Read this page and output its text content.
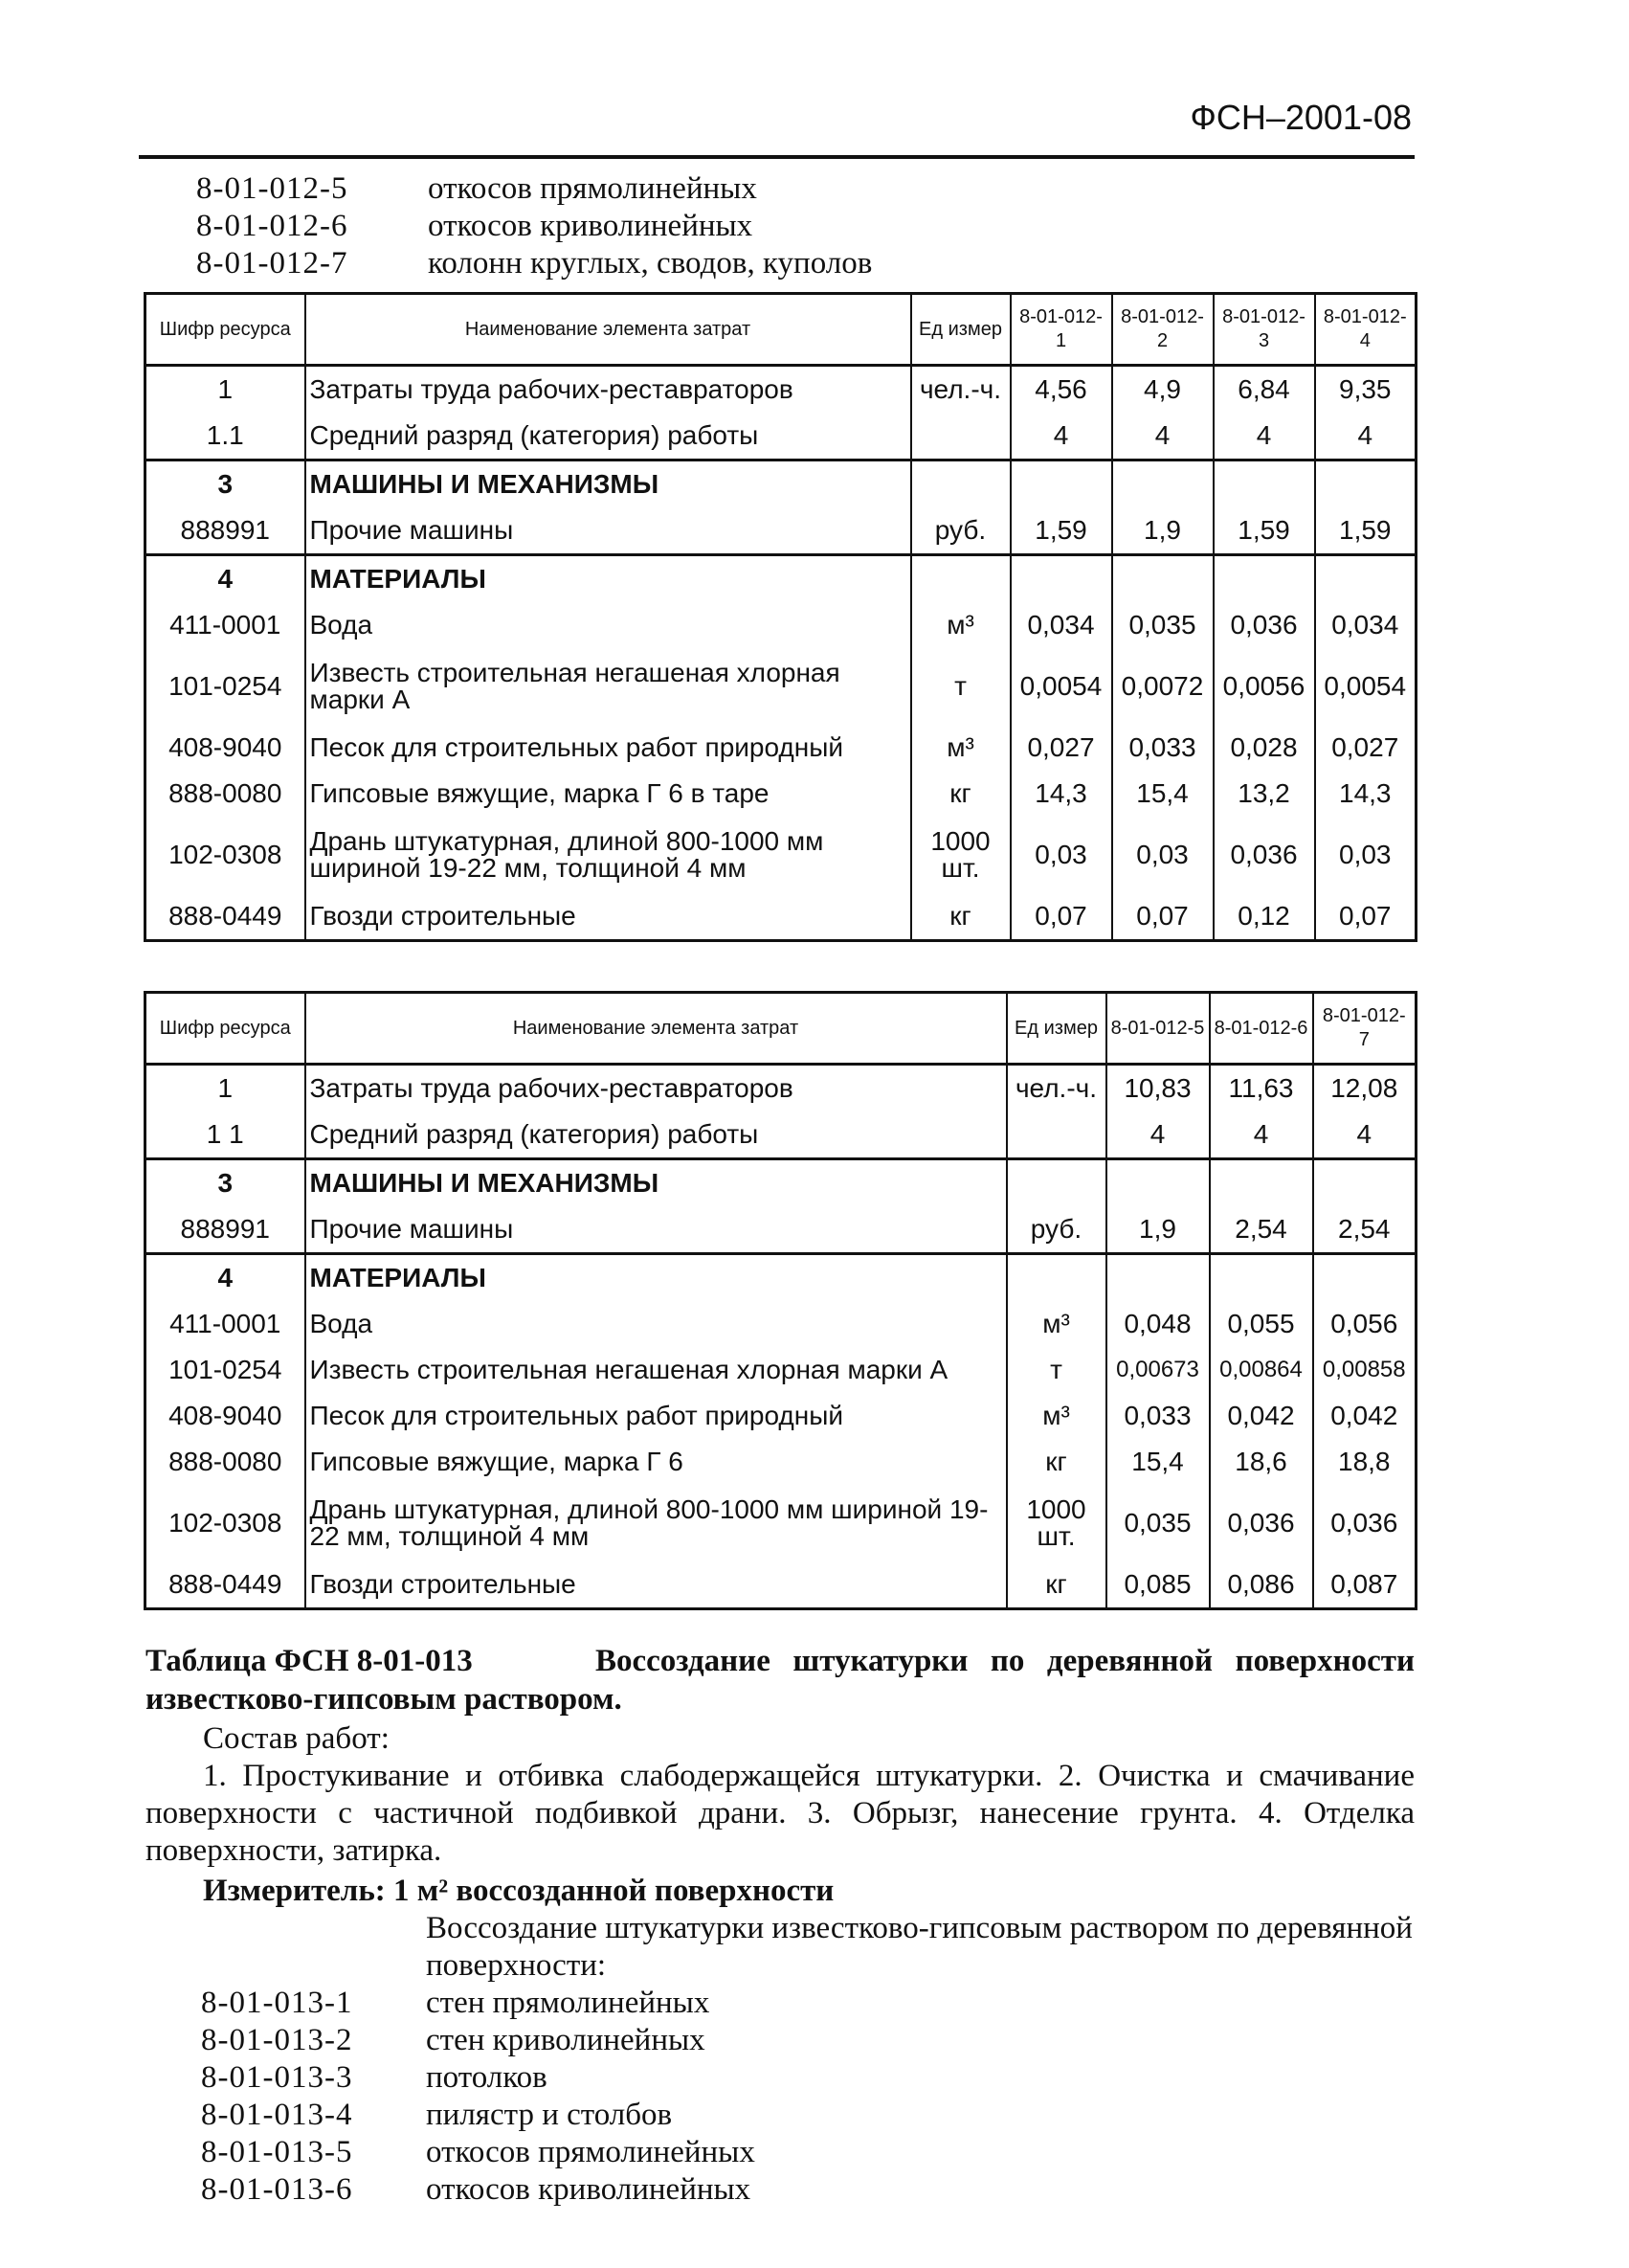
ФСН–2001-08
8-01-012-5	откосов прямолинейных
8-01-012-6	откосов криволинейных
8-01-012-7	колонн круглых, сводов, куполов
Шифр ресурса	Наименование элемента затрат	Ед измер	8-01-012-1	8-01-012-2	8-01-012-3	8-01-012-4
1	Затраты труда рабочих-реставраторов	чел.-ч.	4,56	4,9	6,84	9,35
1.1	Средний разряд (категория) работы		4	4	4	4
3	МАШИНЫ И МЕХАНИЗМЫ					
888991	Прочие машины	руб.	1,59	1,9	1,59	1,59
4	МАТЕРИАЛЫ					
411-0001	Вода	м³	0,034	0,035	0,036	0,034
101-0254	Известь строительная негашеная хлорная марки А	т	0,0054	0,0072	0,0056	0,0054
408-9040	Песок для строительных работ природный	м³	0,027	0,033	0,028	0,027
888-0080	Гипсовые вяжущие, марка Г 6 в таре	кг	14,3	15,4	13,2	14,3
102-0308	Дрань штукатурная, длиной 800-1000 мм шириной 19-22 мм, толщиной 4 мм	1000 шт.	0,03	0,03	0,036	0,03
888-0449	Гвозди строительные	кг	0,07	0,07	0,12	0,07
Шифр ресурса	Наименование элемента затрат	Ед измер	8-01-012-5	8-01-012-6	8-01-012-7
1	Затраты труда рабочих-реставраторов	чел.-ч.	10,83	11,63	12,08
1 1	Средний разряд (категория) работы		4	4	4
3	МАШИНЫ И МЕХАНИЗМЫ				
888991	Прочие машины	руб.	1,9	2,54	2,54
4	МАТЕРИАЛЫ				
411-0001	Вода	м³	0,048	0,055	0,056
101-0254	Известь строительная негашеная хлорная марки А	т	0,00673	0,00864	0,00858
408-9040	Песок для строительных работ природный	м³	0,033	0,042	0,042
888-0080	Гипсовые вяжущие, марка Г 6	кг	15,4	18,6	18,8
102-0308	Дрань штукатурная, длиной 800-1000 мм шириной 19-22 мм, толщиной 4 мм	1000 шт.	0,035	0,036	0,036
888-0449	Гвозди строительные	кг	0,085	0,086	0,087
Таблица ФСН 8-01-013	Воссоздание штукатурки по деревянной поверхности известково-гипсовым раствором.
Состав работ:
1. Простукивание и отбивка слабодержащейся штукатурки. 2. Очистка и смачивание поверхности с частичной подбивкой драни. 3. Обрызг, нанесение грунта. 4. Отделка поверхности, затирка.
Измеритель: 1 м² воссозданной поверхности
Воссоздание штукатурки известково-гипсовым раствором по деревянной поверхности:
8-01-013-1 стен прямолинейных
8-01-013-2 стен криволинейных
8-01-013-3 потолков
8-01-013-4 пилястр и столбов
8-01-013-5 откосов прямолинейных
8-01-013-6 откосов криволинейных
